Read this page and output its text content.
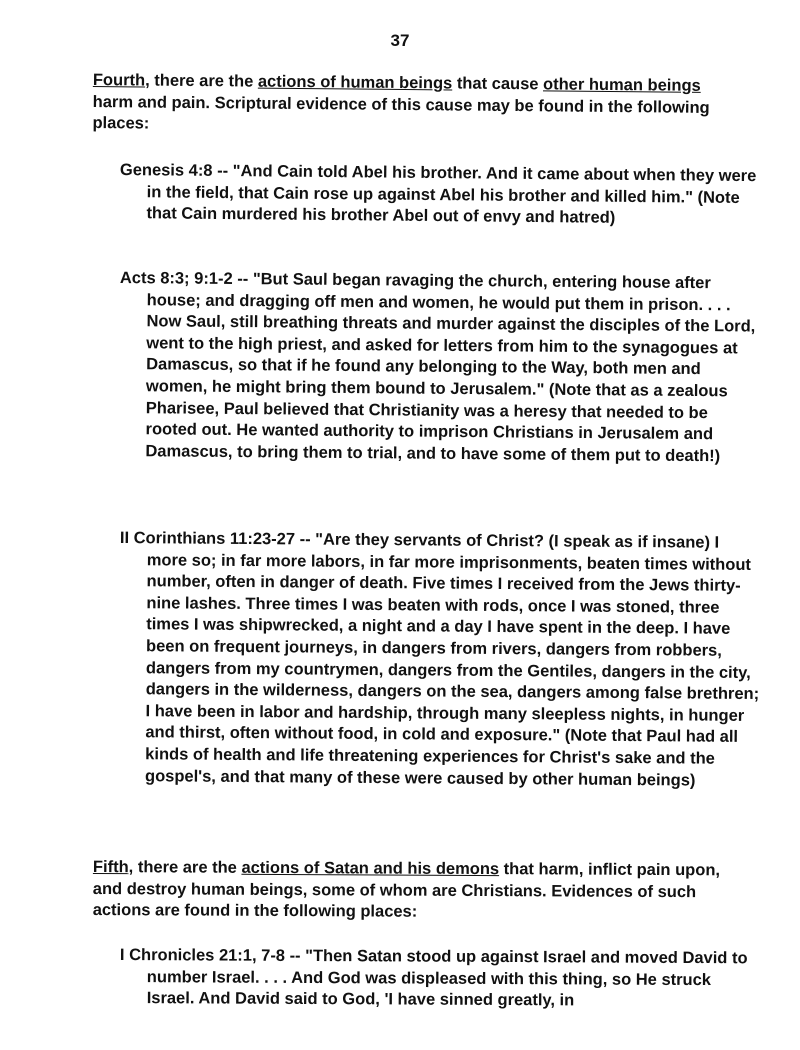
37

Fourth, there are the actions of human beings that cause other human beings harm and pain. Scriptural evidence of this cause may be found in the following places:

Genesis 4:8 -- "And Cain told Abel his brother. And it came about when they were in the field, that Cain rose up against Abel his brother and killed him." (Note that Cain murdered his brother Abel out of envy and hatred)

Acts 8:3; 9:1-2 -- "But Saul began ravaging the church, entering house after house; and dragging off men and women, he would put them in prison. . . . Now Saul, still breathing threats and murder against the disciples of the Lord, went to the high priest, and asked for letters from him to the synagogues at Damascus, so that if he found any belonging to the Way, both men and women, he might bring them bound to Jerusalem." (Note that as a zealous Pharisee, Paul believed that Christianity was a heresy that needed to be rooted out. He wanted authority to imprison Christians in Jerusalem and Damascus, to bring them to trial, and to have some of them put to death!)

II Corinthians 11:23-27 -- "Are they servants of Christ? (I speak as if insane) I more so; in far more labors, in far more imprisonments, beaten times without number, often in danger of death. Five times I received from the Jews thirty-nine lashes. Three times I was beaten with rods, once I was stoned, three times I was shipwrecked, a night and a day I have spent in the deep. I have been on frequent journeys, in dangers from rivers, dangers from robbers, dangers from my countrymen, dangers from the Gentiles, dangers in the city, dangers in the wilderness, dangers on the sea, dangers among false brethren; I have been in labor and hardship, through many sleepless nights, in hunger and thirst, often without food, in cold and exposure." (Note that Paul had all kinds of health and life threatening experiences for Christ's sake and the gospel's, and that many of these were caused by other human beings)

Fifth, there are the actions of Satan and his demons that harm, inflict pain upon, and destroy human beings, some of whom are Christians. Evidences of such actions are found in the following places:

I Chronicles 21:1, 7-8 -- "Then Satan stood up against Israel and moved David to number Israel. . . . And God was displeased with this thing, so He struck Israel. And David said to God, 'I have sinned greatly, in
